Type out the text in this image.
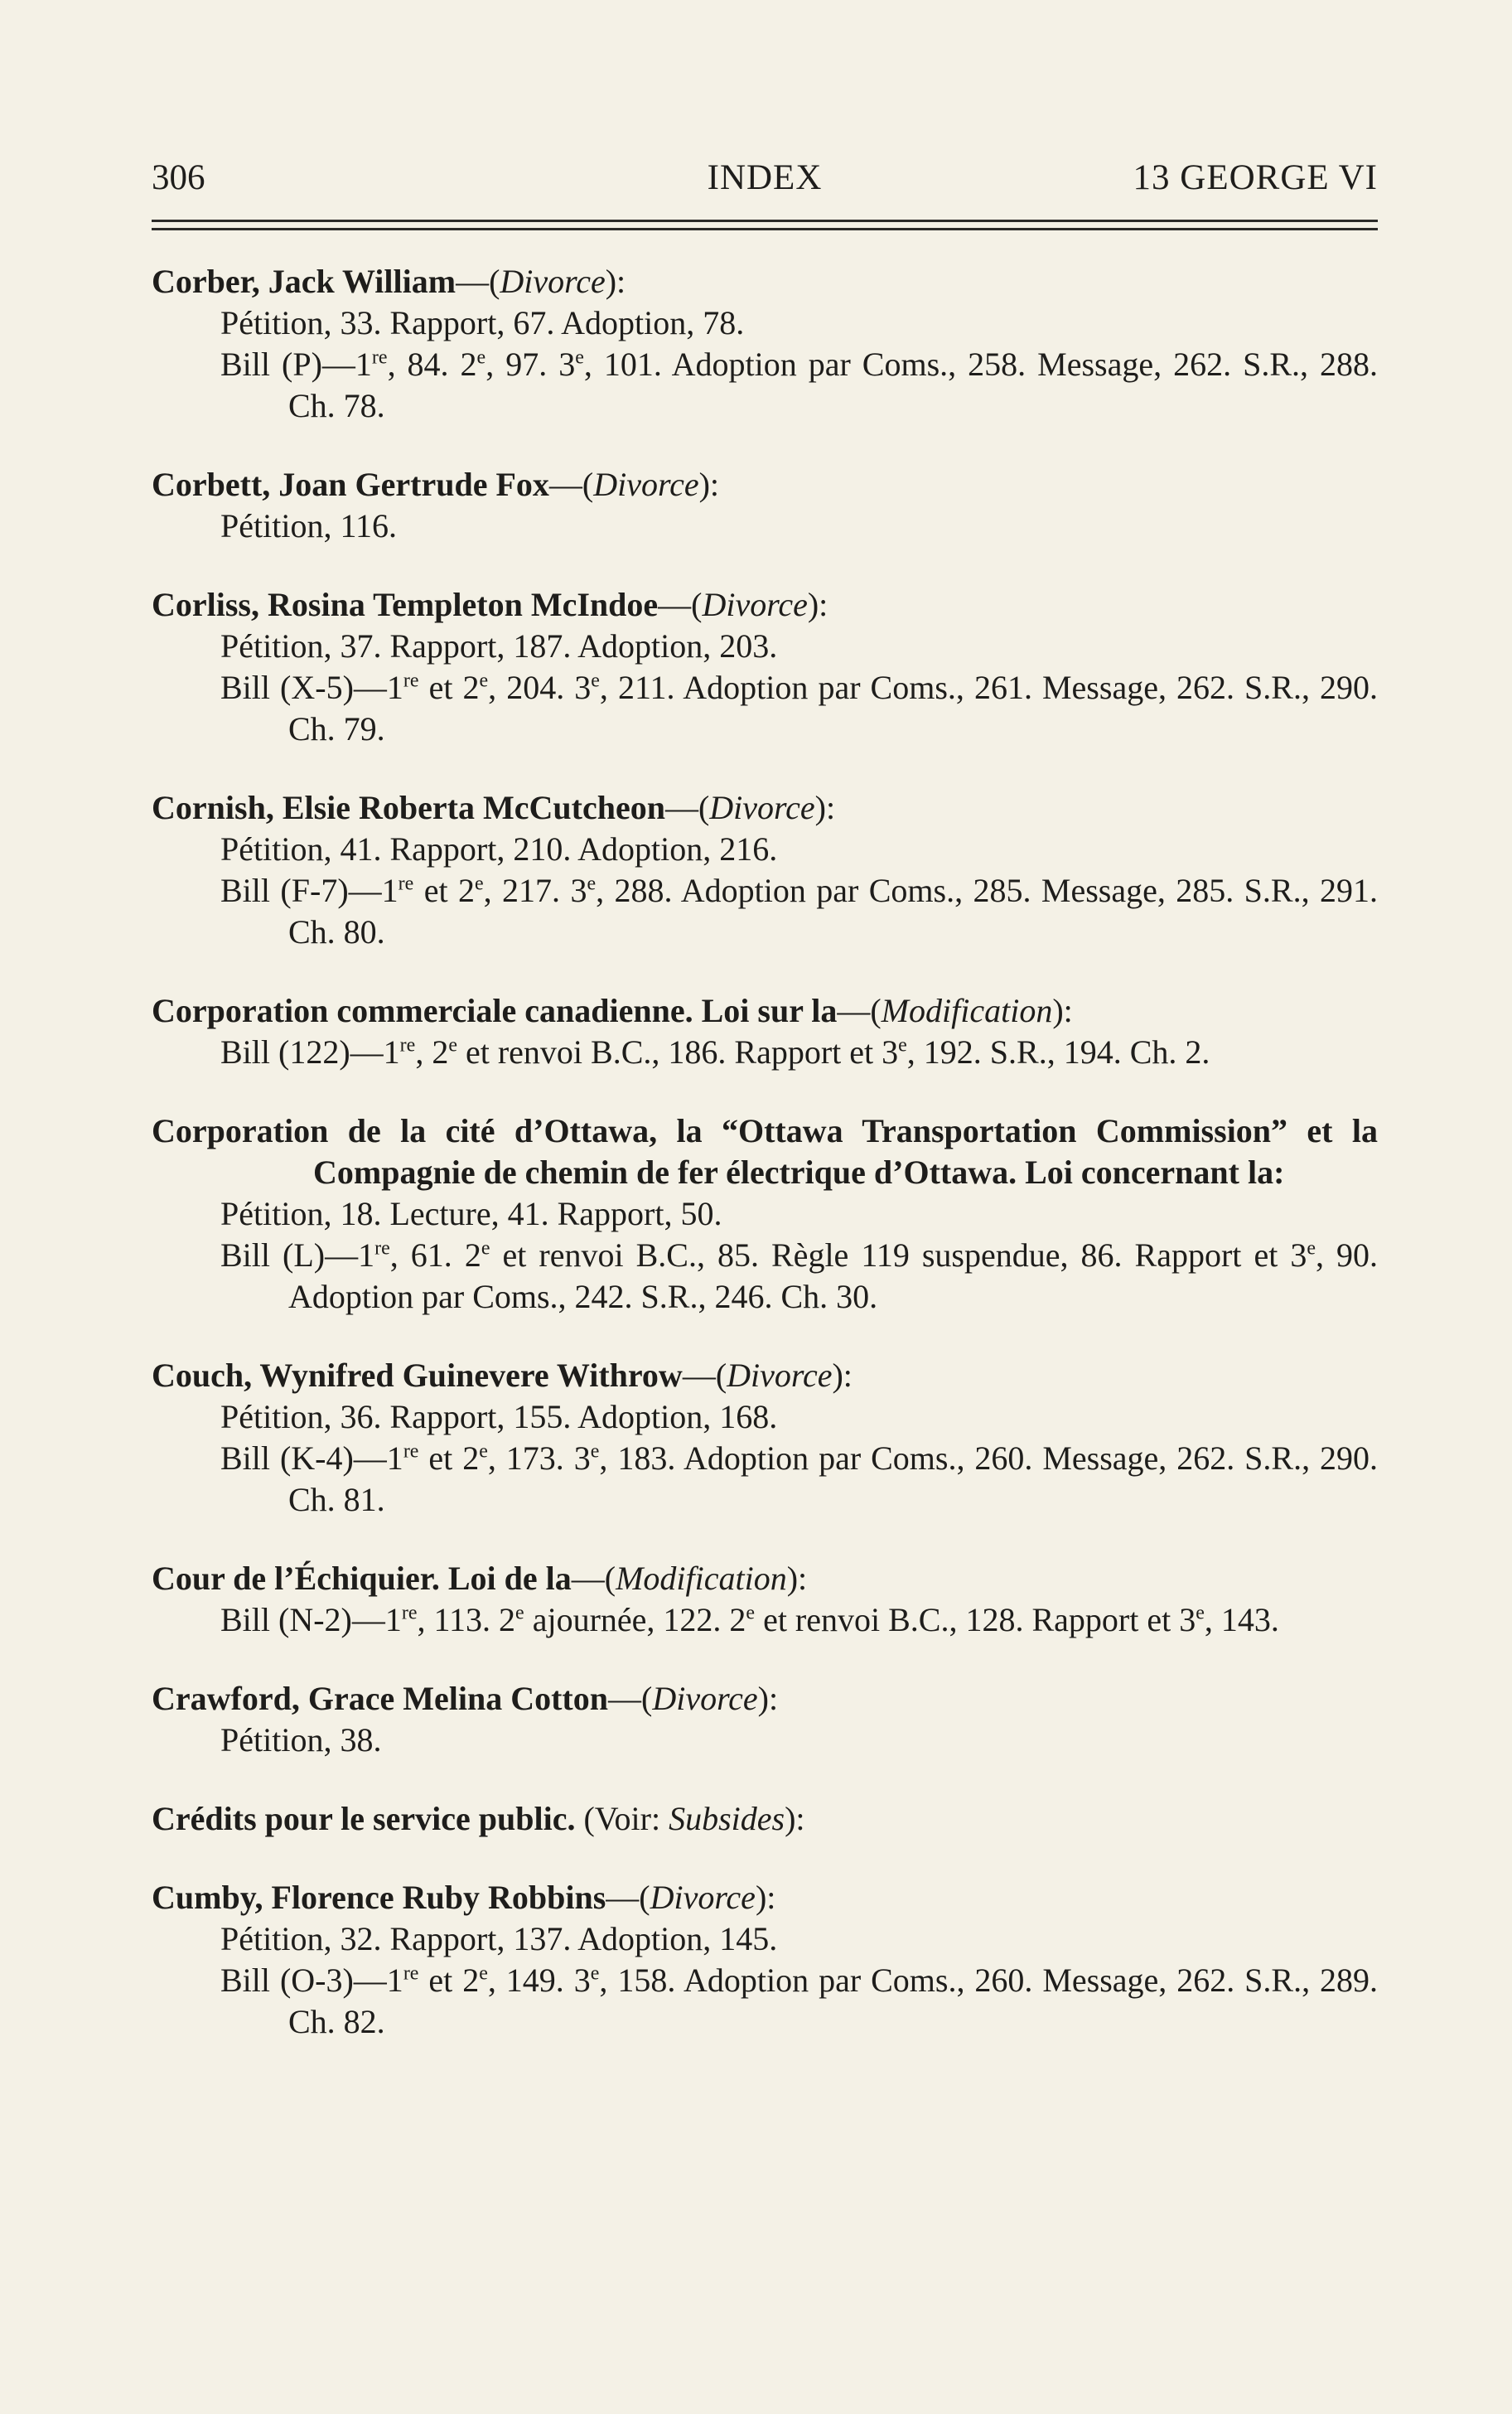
306	INDEX	13 GEORGE VI
Corber, Jack William—(Divorce):
Pétition, 33. Rapport, 67. Adoption, 78.
Bill (P)—1re, 84. 2e, 97. 3e, 101. Adoption par Coms., 258. Message, 262. S.R., 288. Ch. 78.
Corbett, Joan Gertrude Fox—(Divorce):
Pétition, 116.
Corliss, Rosina Templeton McIndoe—(Divorce):
Pétition, 37. Rapport, 187. Adoption, 203.
Bill (X-5)—1re et 2e, 204. 3e, 211. Adoption par Coms., 261. Message, 262. S.R., 290. Ch. 79.
Cornish, Elsie Roberta McCutcheon—(Divorce):
Pétition, 41. Rapport, 210. Adoption, 216.
Bill (F-7)—1re et 2e, 217. 3e, 288. Adoption par Coms., 285. Message, 285. S.R., 291. Ch. 80.
Corporation commerciale canadienne. Loi sur la—(Modification):
Bill (122)—1re, 2e et renvoi B.C., 186. Rapport et 3e, 192. S.R., 194. Ch. 2.
Corporation de la cité d’Ottawa, la “Ottawa Transportation Commission” et la Compagnie de chemin de fer électrique d’Ottawa. Loi concernant la:
Pétition, 18. Lecture, 41. Rapport, 50.
Bill (L)—1re, 61. 2e et renvoi B.C., 85. Règle 119 suspendue, 86. Rapport et 3e, 90. Adoption par Coms., 242. S.R., 246. Ch. 30.
Couch, Wynifred Guinevere Withrow—(Divorce):
Pétition, 36. Rapport, 155. Adoption, 168.
Bill (K-4)—1re et 2e, 173. 3e, 183. Adoption par Coms., 260. Message, 262. S.R., 290. Ch. 81.
Cour de l’Échiquier. Loi de la—(Modification):
Bill (N-2)—1re, 113. 2e ajournée, 122. 2e et renvoi B.C., 128. Rapport et 3e, 143.
Crawford, Grace Melina Cotton—(Divorce):
Pétition, 38.
Crédits pour le service public. (Voir: Subsides):
Cumby, Florence Ruby Robbins—(Divorce):
Pétition, 32. Rapport, 137. Adoption, 145.
Bill (O-3)—1re et 2e, 149. 3e, 158. Adoption par Coms., 260. Message, 262. S.R., 289. Ch. 82.
